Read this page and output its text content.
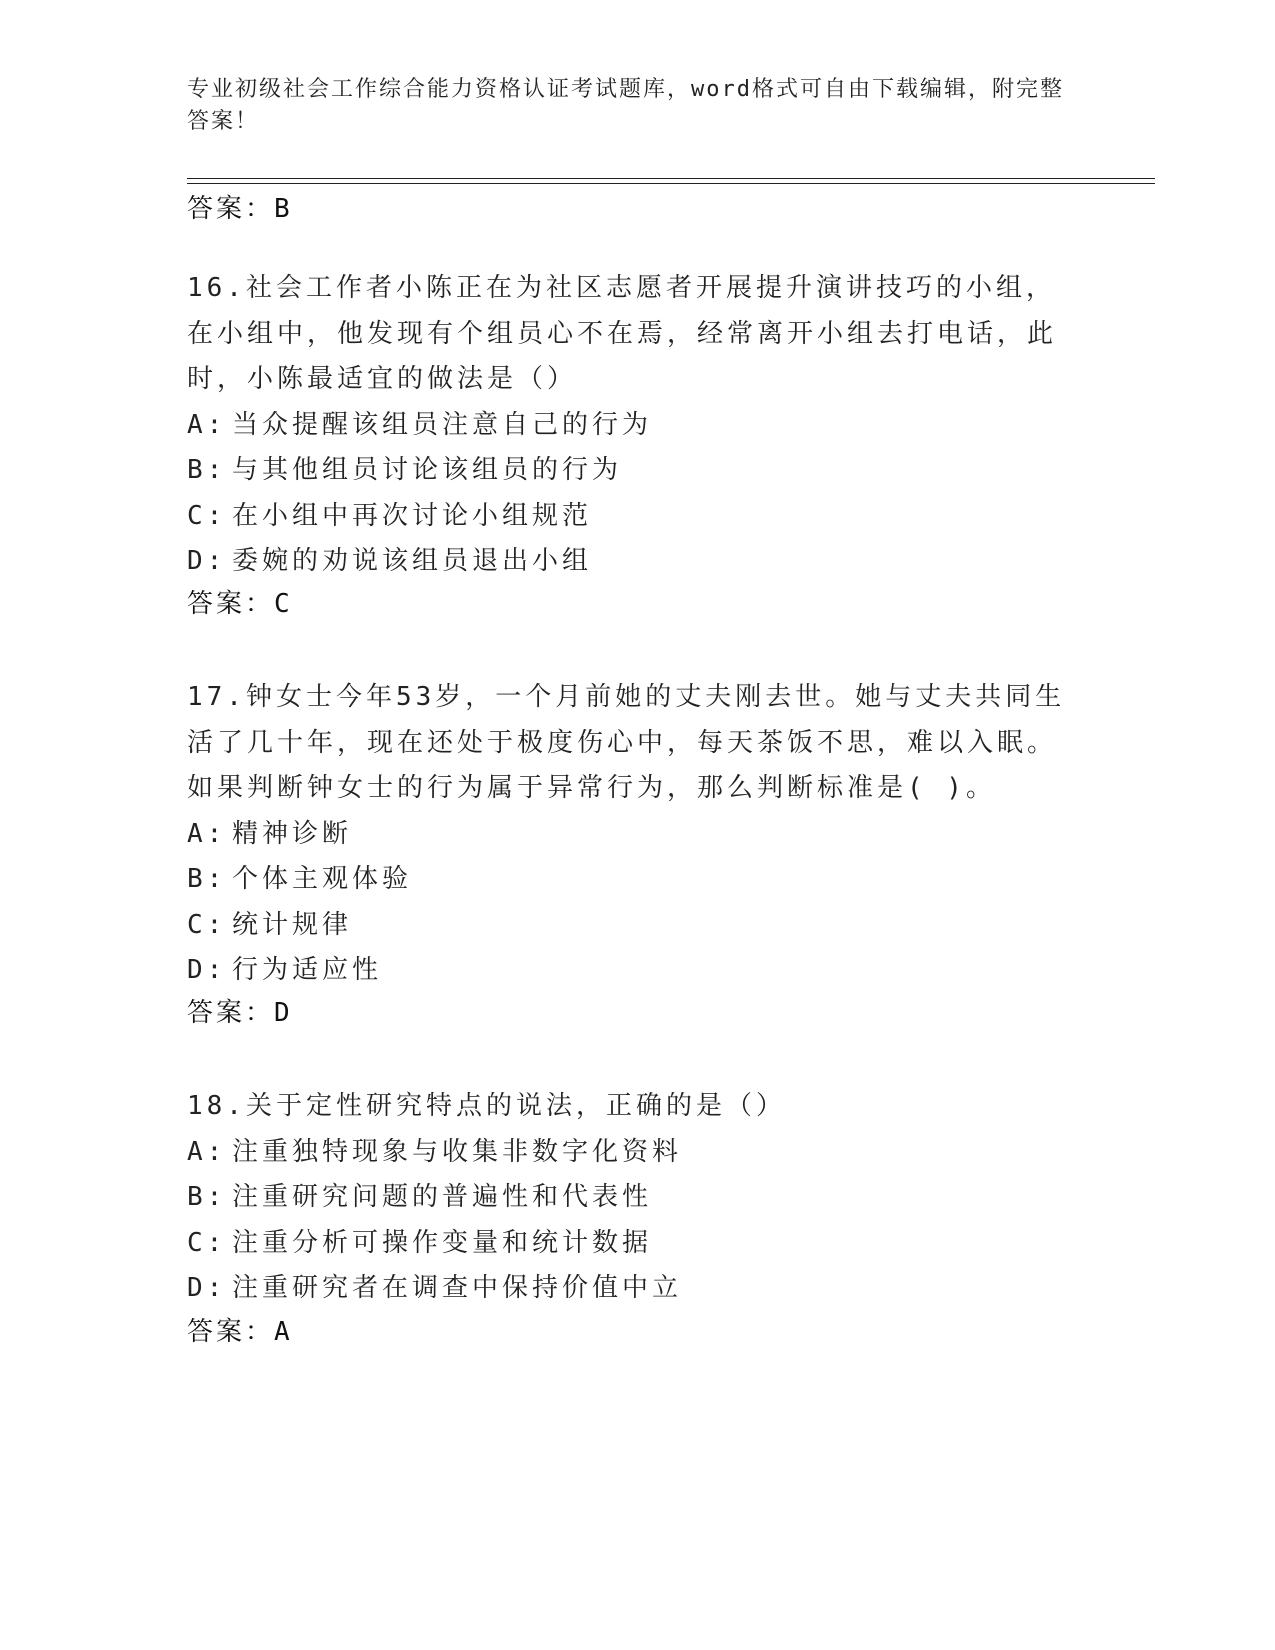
专业初级社会工作综合能力资格认证考试题库，word格式可自由下载编辑，附完整答案！
答案：B

16.社会工作者小陈正在为社区志愿者开展提升演讲技巧的小组，在小组中，他发现有个组员心不在焉，经常离开小组去打电话，此时，小陈最适宜的做法是（）

A: 当众提醒该组员注意自己的行为
B: 与其他组员讨论该组员的行为
C: 在小组中再次讨论小组规范
D: 委婉的劝说该组员退出小组
答案：C

17.钟女士今年53岁，一个月前她的丈夫刚去世。她与丈夫共同生活了几十年，现在还处于极度伤心中，每天茶饭不思，难以入眠。如果判断钟女士的行为属于异常行为，那么判断标准是( )。

A: 精神诊断
B: 个体主观体验
C: 统计规律
D: 行为适应性
答案：D

18.关于定性研究特点的说法，正确的是（）

A: 注重独特现象与收集非数字化资料
B: 注重研究问题的普遍性和代表性
C: 注重分析可操作变量和统计数据
D: 注重研究者在调查中保持价值中立
答案：A
